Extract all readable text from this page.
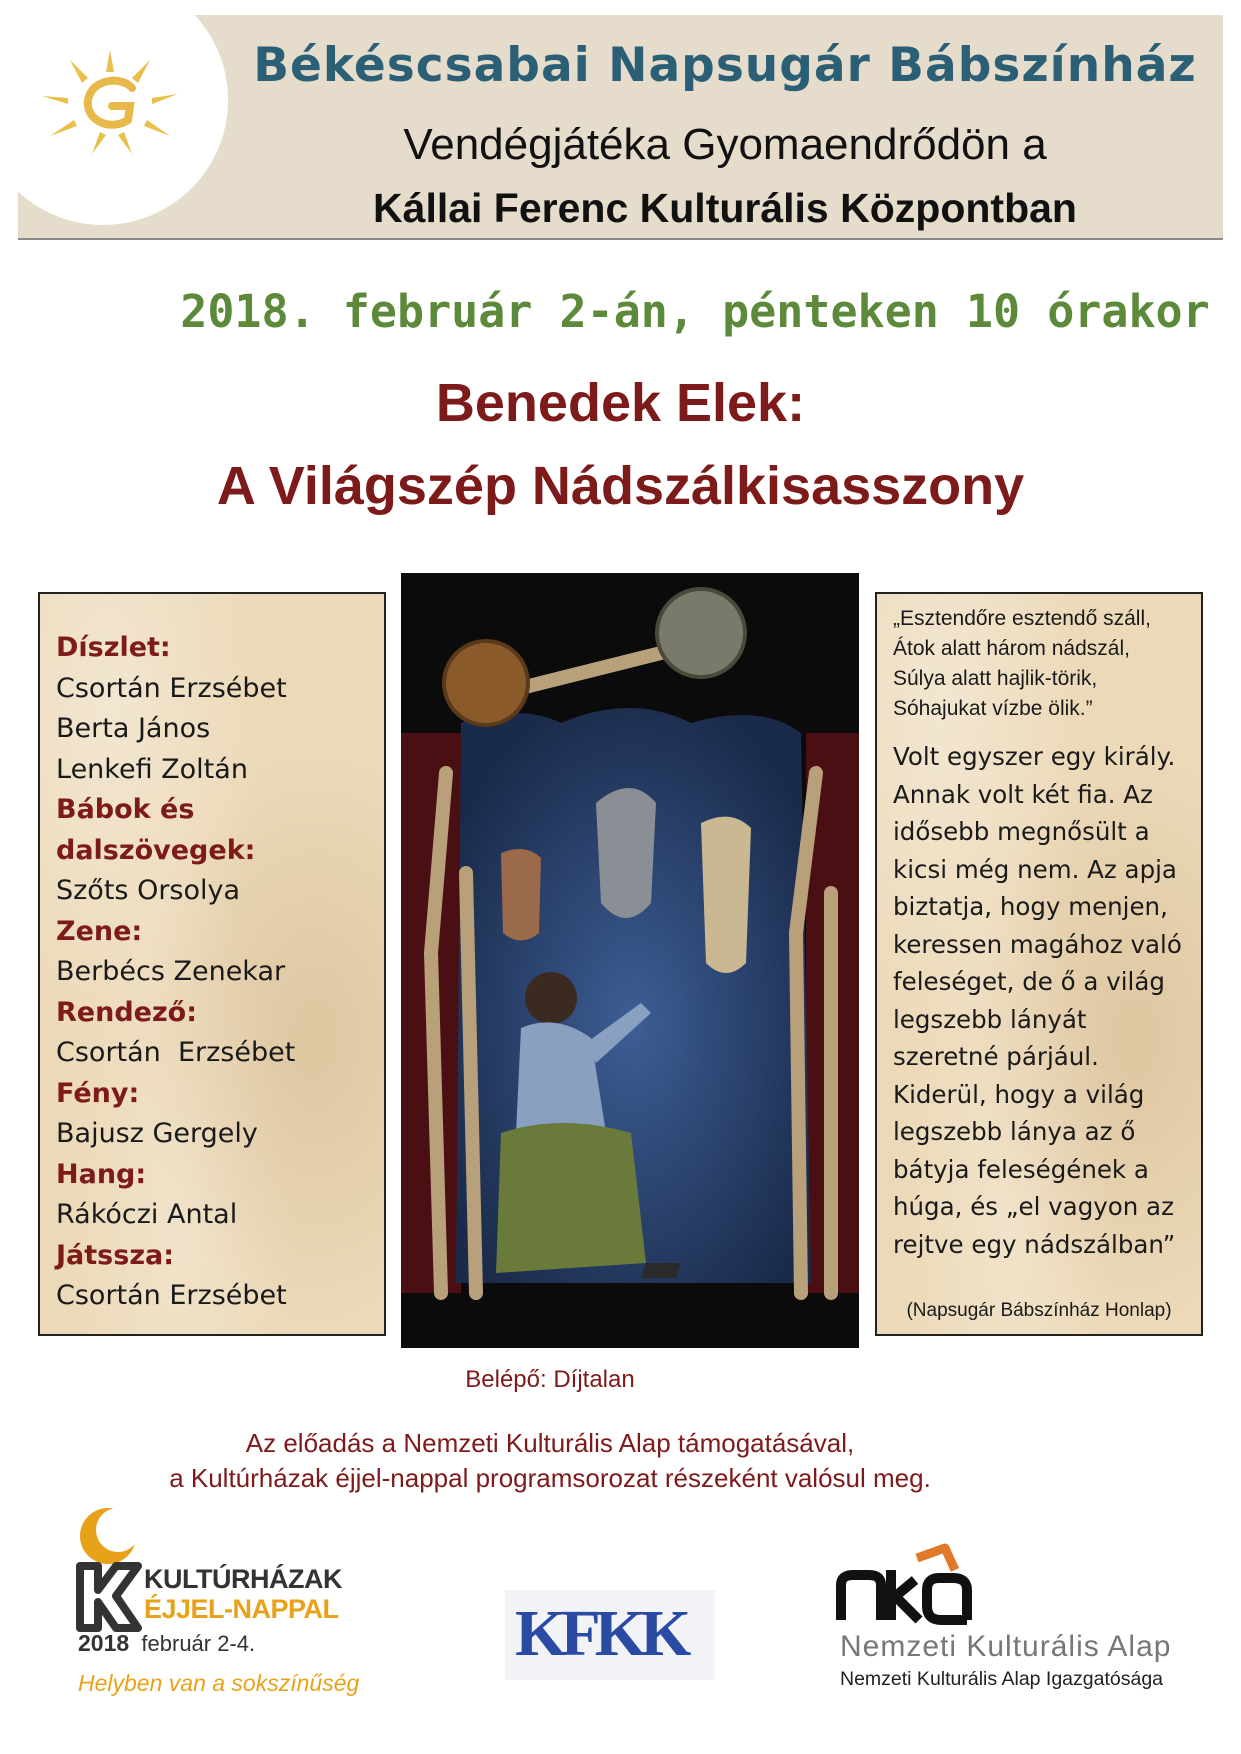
Békéscsabai Napsugár Bábszínház
Vendégjátéka Gyomaendrődön a
Kállai Ferenc Kulturális Központban
2018. február 2-án, pénteken 10 órakor
Benedek Elek:
A Világszép Nádszálkisasszony
Díszlet:
Csortán Erzsébet
Berta János
Lenkefi Zoltán
Bábok és dalszövegek:
Szőts Orsolya
Zene:
Berbécs Zenekar
Rendező:
Csortán  Erzsébet
Fény:
Bajusz Gergely
Hang:
Rákóczi Antal
Játssza:
Csortán Erzsébet
„Esztendőre esztendő száll,
Átok alatt három nádszál,
Súlya alatt hajlik-törik,
Sóhajukat vízbe ölik.”
Volt egyszer egy király. Annak volt két fia. Az idősebb megnősült a kicsi még nem. Az apja biztatja, hogy menjen, keressen magához való feleséget, de ő a világ legszebb lányát szeretné párjául. Kiderül, hogy a világ legszebb lánya az ő bátyja feleségének a húga, és „el vagyon az rejtve egy nádszálban”
(Napsugár Bábszínház Honlap)
Belépő: Díjtalan
Az előadás a Nemzeti Kulturális Alap támogatásával,
a Kultúrházak éjjel-nappal programsorozat részeként valósul meg.
KULTÚRHÁZAK
ÉJJEL-NAPPAL
2018 február 2-4.
Helyben van a sokszínűség
KFKK	Nemzeti Kulturális Alap
Nemzeti Kulturális Alap Igazgatósága
